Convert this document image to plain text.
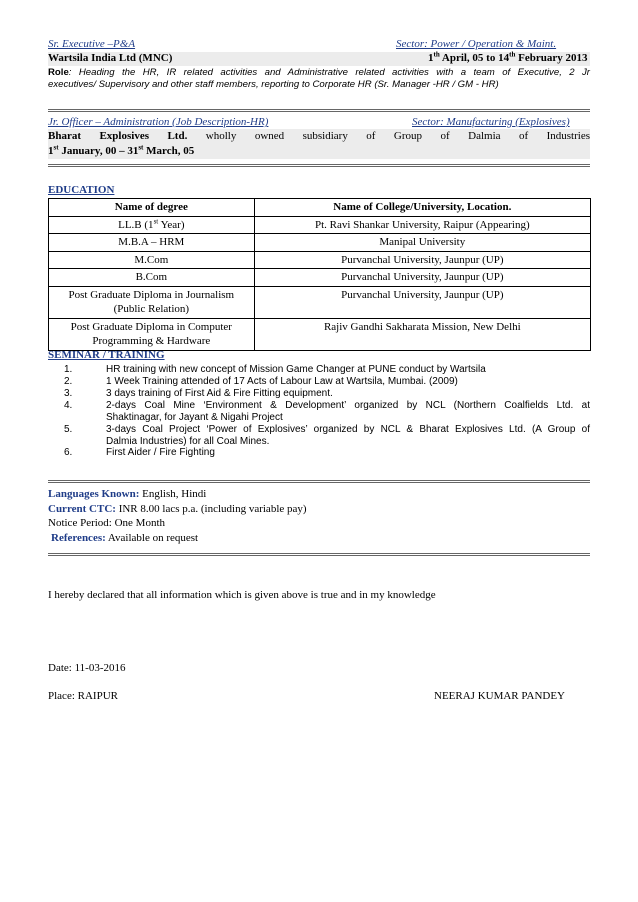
Sr. Executive –P&A	Sector: Power / Operation & Maint.
Wartsila India Ltd (MNC)	1th April, 05 to 14th February 2013
Role: Heading the HR, IR related activities and Administrative related activities with a team of Executive, 2 Jr
executives/ Supervisory and other staff members, reporting to Corporate HR (Sr. Manager -HR / GM - HR)
Jr. Officer – Administration (Job Description-HR)	Sector: Manufacturing (Explosives)
Bharat Explosives Ltd. wholly owned subsidiary of Group of Dalmia of Industries
1st January, 00 – 31st March, 05
EDUCATION
Name of degree	Name of College/University, Location.
LL.B (1st Year)	Pt. Ravi Shankar University, Raipur (Appearing)
M.B.A – HRM	Manipal University
M.Com	Purvanchal University, Jaunpur (UP)
B.Com	Purvanchal University, Jaunpur (UP)

Post Graduate Diploma in Journalism
(Public Relation)	Purvanchal University, Jaunpur (UP)

Post Graduate Diploma in Computer
Programming & Hardware	Rajiv Gandhi Sakharata Mission, New Delhi
SEMINAR / TRAINING
1.	HR training with new concept of Mission Game Changer at PUNE conduct by Wartsila
2.	1 Week Training attended of 17 Acts of Labour Law at Wartsila, Mumbai. (2009)
3.	3 days training of First Aid & Fire Fitting equipment.
4.	2-days Coal Mine ‘Environment & Development’ organized by NCL (Northern Coalfields Ltd. at
Shaktinagar, for Jayant & Nigahi Project
5.	3-days Coal Project ‘Power of Explosives’ organized by NCL & Bharat Explosives Ltd. (A Group of
Dalmia Industries) for all Coal Mines.
6.	First Aider / Fire Fighting
Languages Known: English, Hindi
Current CTC: INR 8.00 lacs p.a. (including variable pay)
Notice Period: One Month
References: Available on request
I hereby declared that all information which is given above is true and in my knowledge
Date: 11-03-2016
Place: RAIPUR	NEERAJ KUMAR PANDEY
